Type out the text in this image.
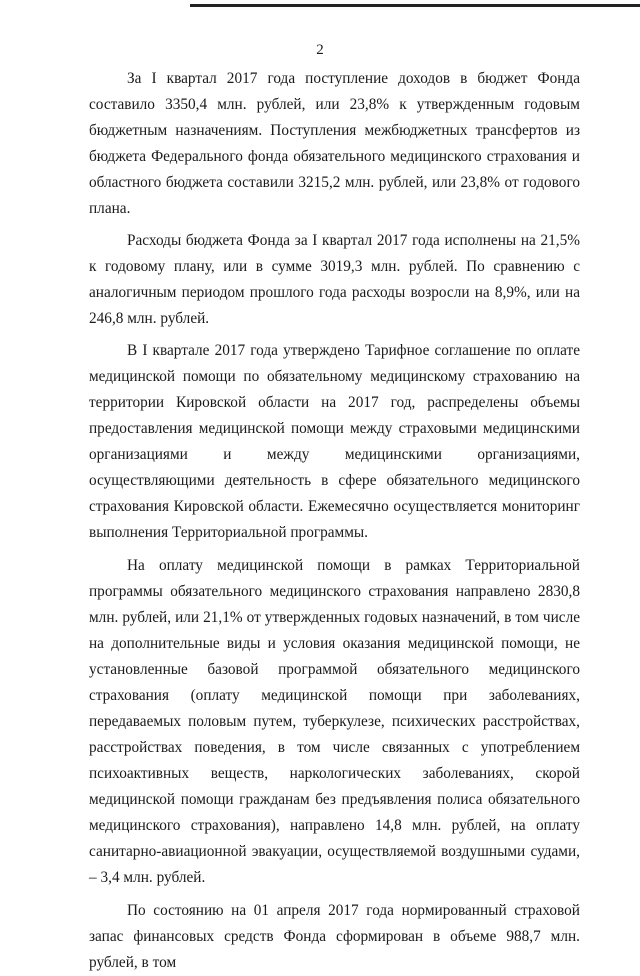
2

За I квартал 2017 года поступление доходов в бюджет Фонда составило 3350,4 млн. рублей, или 23,8% к утвержденным годовым бюджетным назначениям. Поступления межбюджетных трансфертов из бюджета Федерального фонда обязательного медицинского страхования и областного бюджета составили 3215,2 млн. рублей, или 23,8% от годового плана.

Расходы бюджета Фонда за I квартал 2017 года исполнены на 21,5% к годовому плану, или в сумме 3019,3 млн. рублей. По сравнению с аналогичным периодом прошлого года расходы возросли на 8,9%, или на 246,8 млн. рублей.

В I квартале 2017 года утверждено Тарифное соглашение по оплате медицинской помощи по обязательному медицинскому страхованию на территории Кировской области на 2017 год, распределены объемы предоставления медицинской помощи между страховыми медицинскими организациями и между медицинскими организациями, осуществляющими деятельность в сфере обязательного медицинского страхования Кировской области. Ежемесячно осуществляется мониторинг выполнения Территориальной программы.

На оплату медицинской помощи в рамках Территориальной программы обязательного медицинского страхования направлено 2830,8 млн. рублей, или 21,1% от утвержденных годовых назначений, в том числе на дополнительные виды и условия оказания медицинской помощи, не установленные базовой программой обязательного медицинского страхования (оплату медицинской помощи при заболеваниях, передаваемых половым путем, туберкулезе, психических расстройствах, расстройствах поведения, в том числе связанных с употреблением психоактивных веществ, наркологических заболеваниях, скорой медицинской помощи гражданам без предъявления полиса обязательного медицинского страхования), направлено 14,8 млн. рублей, на оплату санитарно-авиационной эвакуации, осуществляемой воздушными судами, – 3,4 млн. рублей.

По состоянию на 01 апреля 2017 года нормированный страховой запас финансовых средств Фонда сформирован в объеме 988,7 млн. рублей, в том
